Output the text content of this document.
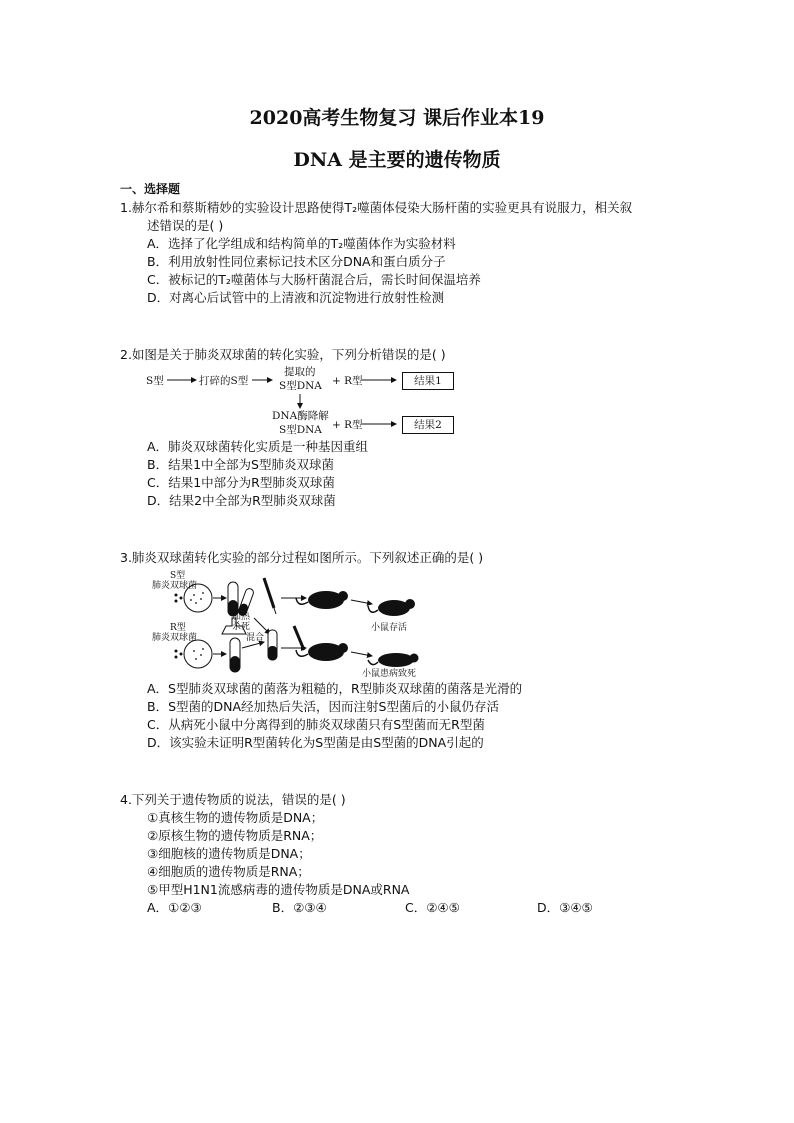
2020高考生物复习 课后作业本19
DNA 是主要的遗传物质
一、选择题
1.赫尔希和蔡斯精妙的实验设计思路使得T₂噬菌体侵染大肠杆菌的实验更具有说服力，相关叙
述错误的是( )
A．选择了化学组成和结构简单的T₂噬菌体作为实验材料
B．利用放射性同位素标记技术区分DNA和蛋白质分子
C．被标记的T₂噬菌体与大肠杆菌混合后，需长时间保温培养
D．对离心后试管中的上清液和沉淀物进行放射性检测
2.如图是关于肺炎双球菌的转化实验，下列分析错误的是( )
S型	打碎的S型
提取的
S型DNA + R型	结果1
DNA酶降解
S型DNA + R型	结果2
A．肺炎双球菌转化实质是一种基因重组
B．结果1中全部为S型肺炎双球菌
C．结果1中部分为R型肺炎双球菌
D．结果2中全部为R型肺炎双球菌
3.肺炎双球菌转化实验的部分过程如图所示。下列叙述正确的是( )
S型
肺炎双球菌
R型
肺炎双球菌
加热
杀死
混合
小鼠存活
小鼠患病致死
A．S型肺炎双球菌的菌落为粗糙的，R型肺炎双球菌的菌落是光滑的
B．S型菌的DNA经加热后失活，因而注射S型菌后的小鼠仍存活
C．从病死小鼠中分离得到的肺炎双球菌只有S型菌而无R型菌
D．该实验未证明R型菌转化为S型菌是由S型菌的DNA引起的
4.下列关于遗传物质的说法，错误的是( )
①真核生物的遗传物质是DNA；
②原核生物的遗传物质是RNA；
③细胞核的遗传物质是DNA；
④细胞质的遗传物质是RNA；
⑤甲型H1N1流感病毒的遗传物质是DNA或RNA
A．①②③	B．②③④	C．②④⑤	D．③④⑤
